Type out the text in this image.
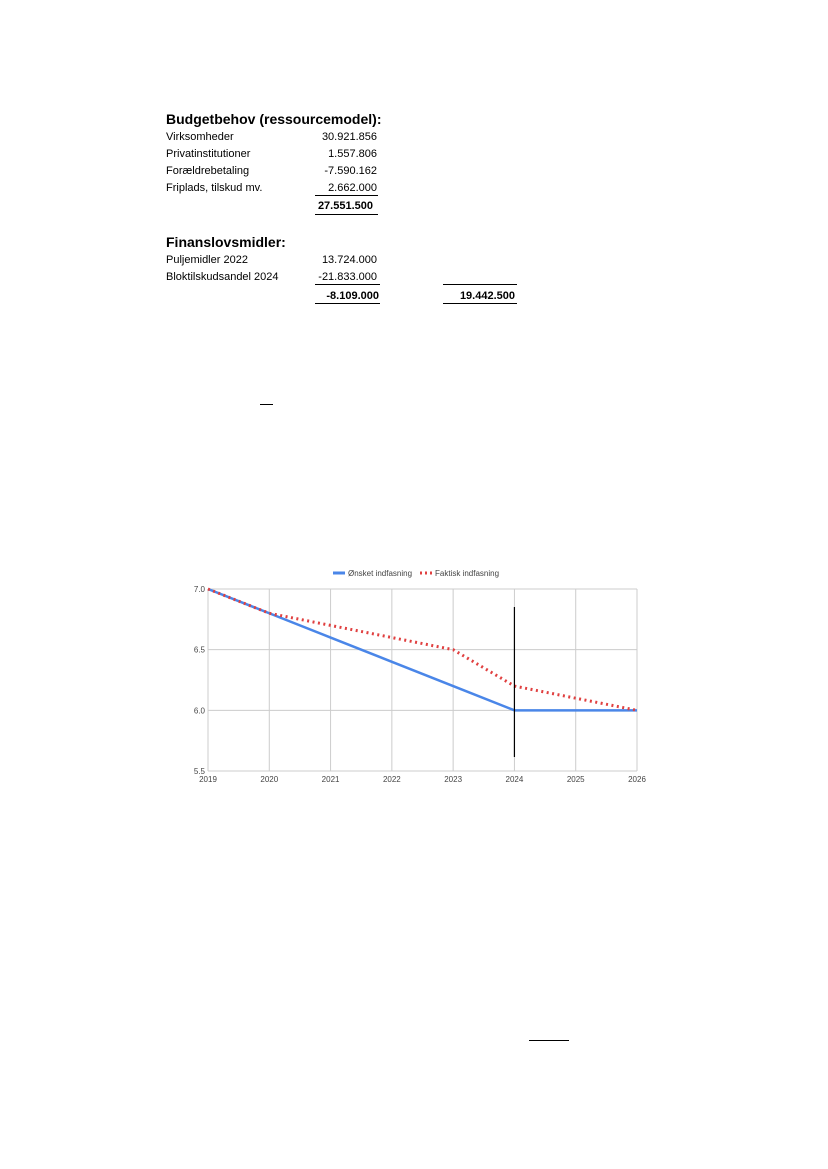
Budgetbehov (ressourcemodel):
Virksomheder	30.921.856
Privatinstitutioner	1.557.806
Forældrebetaling	-7.590.162
Friplads, tilskud mv.	2.662.000
27.551.500
Finanslovsmidler:
Puljemidler 2022	13.724.000
Bloktilskudsandel 2024	-21.833.000
-8.109.000	19.442.500
Ønsket indfasning	Faktisk indfasning
5.5
6.0
6.5
7.0
2019	2020	2021	2022	2023	2024	2025	2026
